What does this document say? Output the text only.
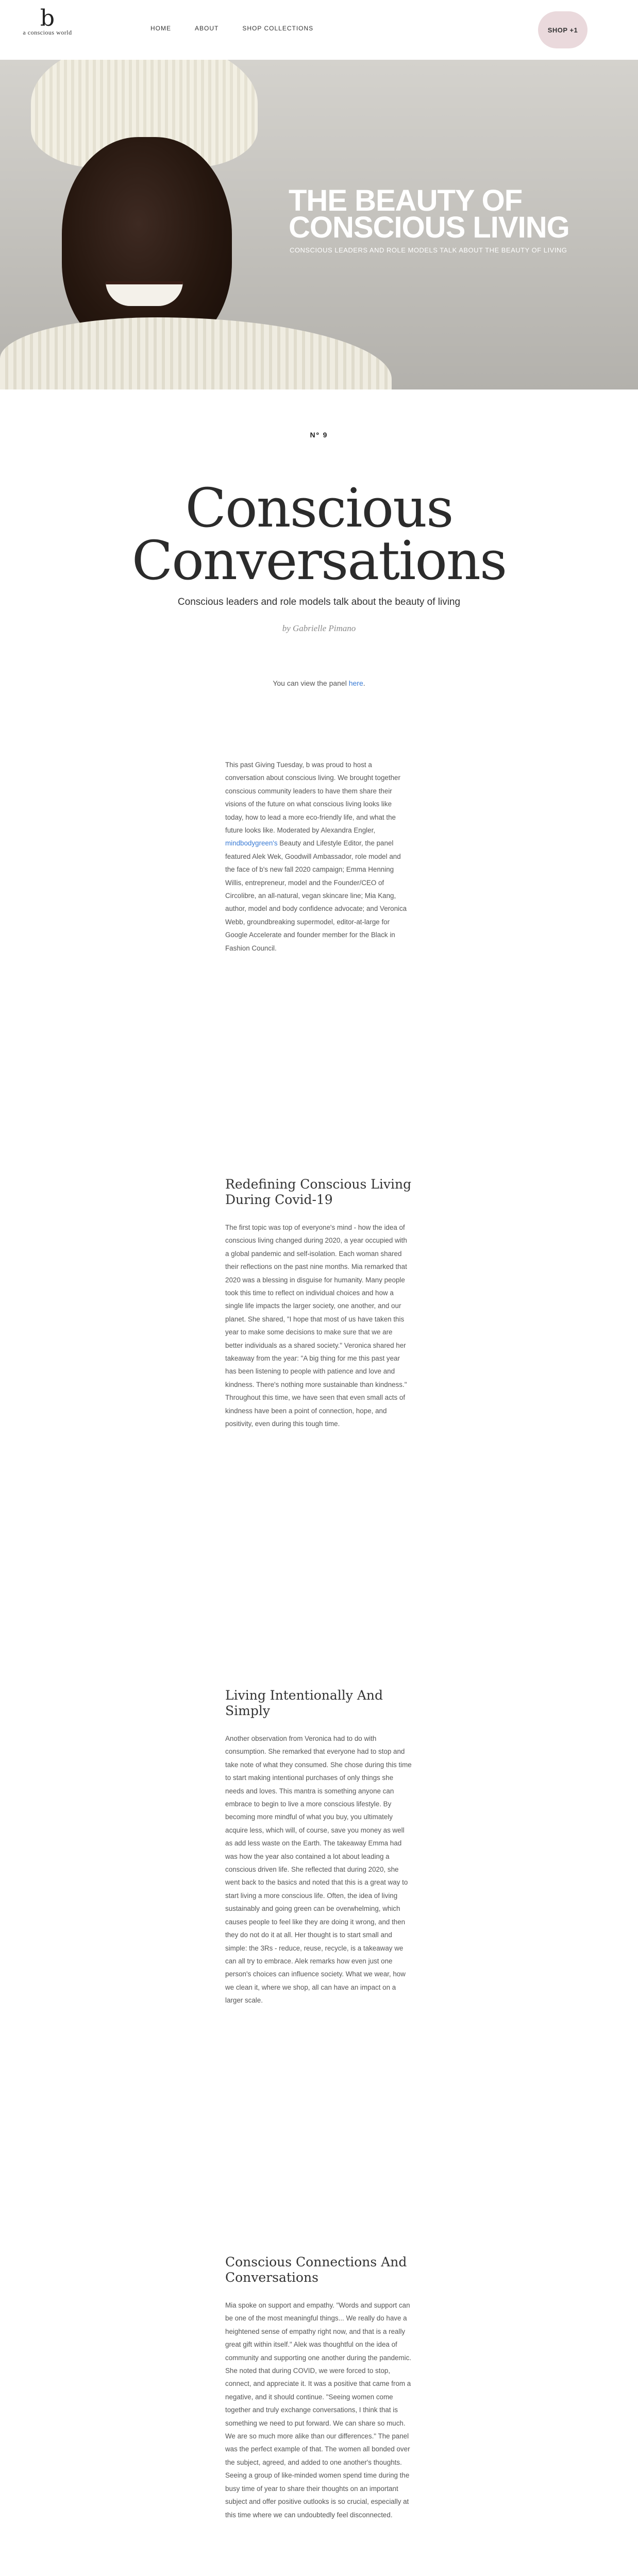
b
a conscious world
HOME	ABOUT	SHOP COLLECTIONS	SHOP +1
THE BEAUTY OF CONSCIOUS LIVING
CONSCIOUS LEADERS AND ROLE MODELS TALK ABOUT THE BEAUTY OF LIVING
Nº 9
Conscious
Conversations
Conscious leaders and role models talk about the beauty of living
by Gabrielle Pimano
You can view the panel here.

This past Giving Tuesday, b was proud to host a conversation about conscious living. We brought together conscious community leaders to have them share their visions of the future on what conscious living looks like today, how to lead a more eco-friendly life, and what the future looks like. Moderated by Alexandra Engler, mindbodygreen's Beauty and Lifestyle Editor, the panel featured Alek Wek, Goodwill Ambassador, role model and the face of b's new fall 2020 campaign; Emma Henning Willis, entrepreneur, model and the Founder/CEO of Circolibre, an all-natural, vegan skincare line; Mia Kang, author, model and body confidence advocate; and Veronica Webb, groundbreaking supermodel, editor-at-large for Google Accelerate and founder member for the Black in Fashion Council.

Redefining Conscious Living During Covid-19

The first topic was top of everyone's mind - how the idea of conscious living changed during 2020, a year occupied with a global pandemic and self-isolation. Each woman shared their reflections on the past nine months. Mia remarked that 2020 was a blessing in disguise for humanity. Many people took this time to reflect on individual choices and how a single life impacts the larger society, one another, and our planet. She shared, "I hope that most of us have taken this year to make some decisions to make sure that we are better individuals as a shared society." Veronica shared her takeaway from the year: "A big thing for me this past year has been listening to people with patience and love and kindness. There's nothing more sustainable than kindness." Throughout this time, we have seen that even small acts of kindness have been a point of connection, hope, and positivity, even during this tough time.

Living Intentionally And Simply

Another observation from Veronica had to do with consumption. She remarked that everyone had to stop and take note of what they consumed. She chose during this time to start making intentional purchases of only things she needs and loves. This mantra is something anyone can embrace to begin to live a more conscious lifestyle. By becoming more mindful of what you buy, you ultimately acquire less, which will, of course, save you money as well as add less waste on the Earth. The takeaway Emma had was how the year also contained a lot about leading a conscious driven life. She reflected that during 2020, she went back to the basics and noted that this is a great way to start living a more conscious life. Often, the idea of living sustainably and going green can be overwhelming, which causes people to feel like they are doing it wrong, and then they do not do it at all. Her thought is to start small and simple: the 3Rs - reduce, reuse, recycle, is a takeaway we can all try to embrace. Alek remarks how even just one person's choices can influence society. What we wear, how we clean it, where we shop, all can have an impact on a larger scale.

Conscious Connections And Conversations

Mia spoke on support and empathy. "Words and support can be one of the most meaningful things... We really do have a heightened sense of empathy right now, and that is a really great gift within itself." Alek was thoughtful on the idea of community and supporting one another during the pandemic. She noted that during COVID, we were forced to stop, connect, and appreciate it. It was a positive that came from a negative, and it should continue. "Seeing women come together and truly exchange conversations, I think that is something we need to put forward. We can share so much. We are so much more alike than our differences." The panel was the perfect example of that. The women all bonded over the subject, agreed, and added to one another's thoughts. Seeing a group of like-minded women spend time during the busy time of year to share their thoughts on an important subject and offer positive outlooks is so crucial, especially at this time where we can undoubtedly feel disconnected.
